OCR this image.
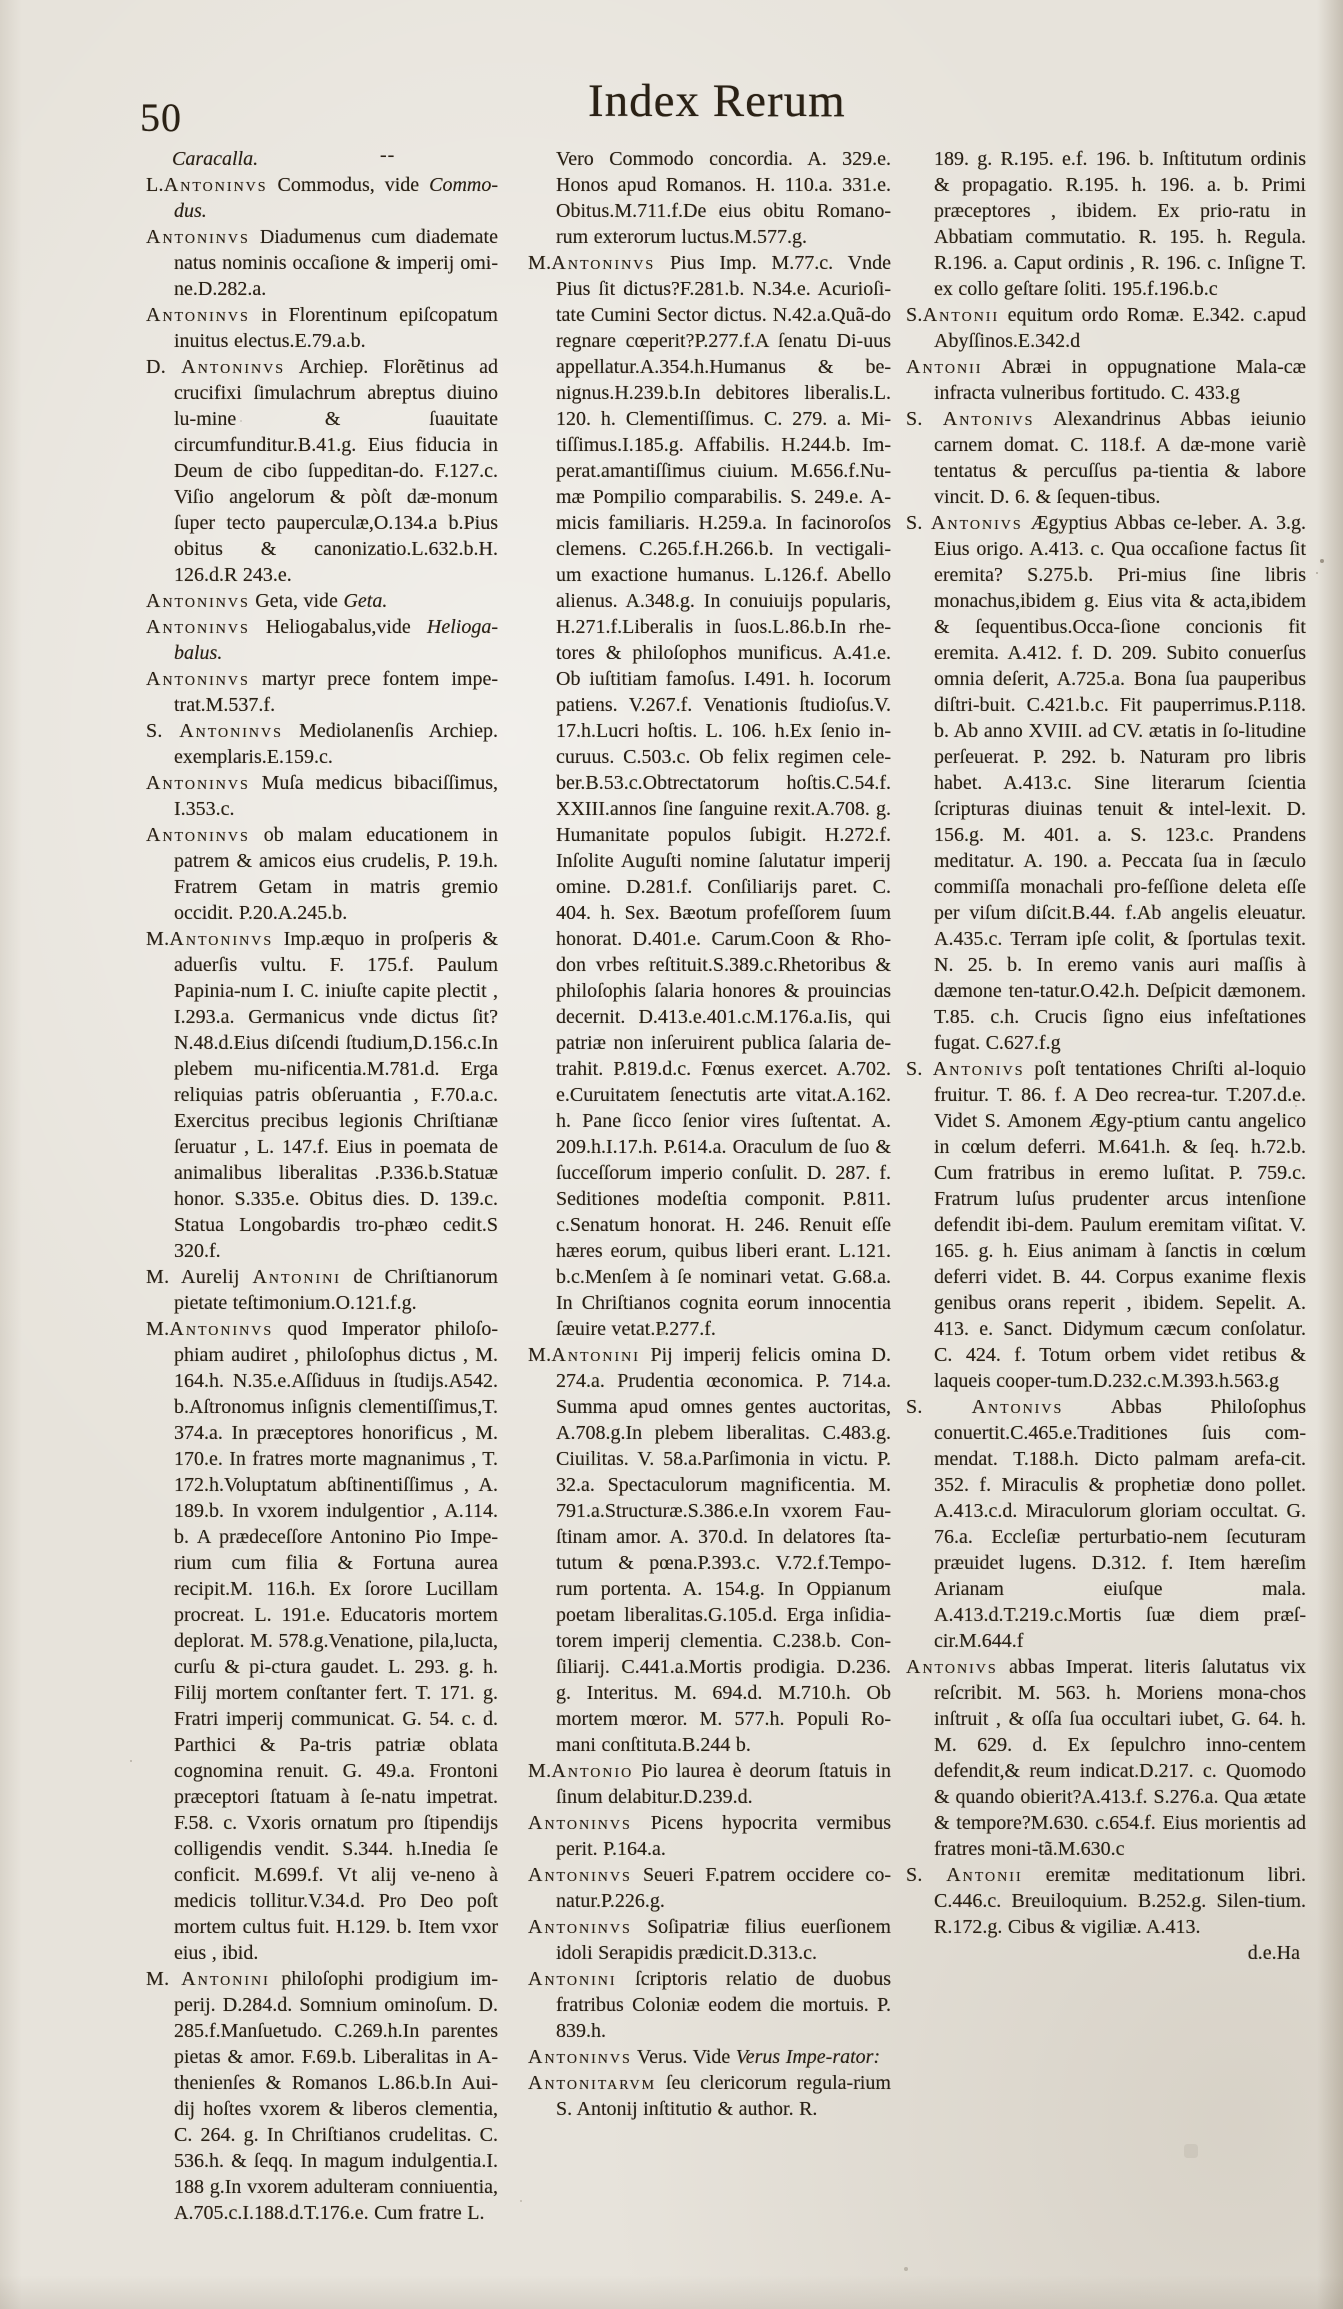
50	Index Rerum
Caracalla.	--
L.Antoninvs Commodus, vide Commo-dus.
Antoninvs Diadumenus cum diademate natus nominis occaſione & imperij omi-ne.D.282.a.
Antoninvs in Florentinum epiſcopatum inuitus electus.E.79.a.b.
D. Antoninvs Archiep. Florẽtinus ad crucifixi ſimulachrum abreptus diuino lu-mine & ſuauitate circumfunditur.B.41.g. Eius fiducia in Deum de cibo ſuppeditan-do. F.127.c. Viſio angelorum & pòſt dæ-monum ſuper tecto pauperculæ,O.134.a b.Pius obitus & canonizatio.L.632.b.H. 126.d.R 243.e.
Antoninvs Geta, vide Geta.
Antoninvs Heliogabalus,vide Helioga-balus.
Antoninvs martyr prece fontem impe-trat.M.537.f.
S. Antoninvs Mediolanenſis Archiep. exemplaris.E.159.c.
Antoninvs Muſa medicus bibaciſſimus, I.353.c.
Antoninvs ob malam educationem in patrem & amicos eius crudelis, P. 19.h. Fratrem Getam in matris gremio occidit. P.20.A.245.b.
M.Antoninvs Imp.æquo in proſperis & aduerſis vultu. F. 175.f. Paulum Papinia-num I. C. iniuſte capite plectit , I.293.a. Germanicus vnde dictus ſit? N.48.d.Eius diſcendi ſtudium,D.156.c.In plebem mu-nificentia.M.781.d. Erga reliquias patris obſeruantia , F.70.a.c. Exercitus precibus legionis Chriſtianæ ſeruatur , L. 147.f. Eius in poemata de animalibus liberalitas .P.336.b.Statuæ honor. S.335.e. Obitus dies. D. 139.c. Statua Longobardis tro-phæo cedit.S 320.f.
M. Aurelij Antonini de Chriſtianorum pietate teſtimonium.O.121.f.g.
M.Antoninvs quod Imperator philoſo-phiam audiret , philoſophus dictus , M. 164.h. N.35.e.Aſſiduus in ſtudijs.A542. b.Aſtronomus inſignis clementiſſimus,T. 374.a. In præceptores honorificus , M. 170.e. In fratres morte magnanimus , T. 172.h.Voluptatum abſtinentiſſimus , A. 189.b. In vxorem indulgentior , A.114. b. A prædeceſſore Antonino Pio Impe-rium cum filia & Fortuna aurea recipit.M. 116.h. Ex ſorore Lucillam procreat. L. 191.e. Educatoris mortem deplorat. M. 578.g.Venatione, pila,lucta, curſu & pi-ctura gaudet. L. 293. g. h. Filij mortem conſtanter fert. T. 171. g. Fratri imperij communicat. G. 54. c. d. Parthici & Pa-tris patriæ oblata cognomina renuit. G. 49.a. Frontoni præceptori ſtatuam à ſe-natu impetrat. F.58. c. Vxoris ornatum pro ſtipendijs colligendis vendit. S.344. h.Inedia ſe conficit. M.699.f. Vt alij ve-neno à medicis tollitur.V.34.d. Pro Deo poſt mortem cultus fuit. H.129. b. Item vxor eius , ibid.
M. Antonini philoſophi prodigium im-perij. D.284.d. Somnium ominoſum. D. 285.f.Manſuetudo. C.269.h.In parentes pietas & amor. F.69.b. Liberalitas in A-thenienſes & Romanos L.86.b.In Aui-dij hoſtes vxorem & liberos clementia, C. 264. g. In Chriſtianos crudelitas. C. 536.h. & ſeqq. In magum indulgentia.I. 188 g.In vxorem adulteram conniuentia, A.705.c.I.188.d.T.176.e. Cum fratre L.
Vero Commodo concordia. A. 329.e. Honos apud Romanos. H. 110.a. 331.e. Obitus.M.711.f.De eius obitu Romano-rum exterorum luctus.M.577.g.
M.Antoninvs Pius Imp. M.77.c. Vnde Pius ſit dictus?F.281.b. N.34.e. Acurioſi-tate Cumini Sector dictus. N.42.a.Quã-do regnare cœperit?P.277.f.A ſenatu Di-uus appellatur.A.354.h.Humanus & be-nignus.H.239.b.In debitores liberalis.L. 120. h. Clementiſſimus. C. 279. a. Mi-tiſſimus.I.185.g. Affabilis. H.244.b. Im-perat.amantiſſimus ciuium. M.656.f.Nu-mæ Pompilio comparabilis. S. 249.e. A-micis familiaris. H.259.a. In facinoroſos clemens. C.265.f.H.266.b. In vectigali-um exactione humanus. L.126.f. Abello alienus. A.348.g. In conuiuijs popularis, H.271.f.Liberalis in ſuos.L.86.b.In rhe-tores & philoſophos munificus. A.41.e. Ob iuſtitiam famoſus. I.491. h. Iocorum patiens. V.267.f. Venationis ſtudioſus.V. 17.h.Lucri hoſtis. L. 106. h.Ex ſenio in-curuus. C.503.c. Ob felix regimen cele-ber.B.53.c.Obtrectatorum hoſtis.C.54.f. XXIII.annos ſine ſanguine rexit.A.708. g. Humanitate populos ſubigit. H.272.f. Inſolite Auguſti nomine ſalutatur imperij omine. D.281.f. Conſiliarijs paret. C. 404. h. Sex. Bæotum profeſſorem ſuum honorat. D.401.e. Carum.Coon & Rho-don vrbes reſtituit.S.389.c.Rhetoribus & philoſophis ſalaria honores & prouincias decernit. D.413.e.401.c.M.176.a.Iis, qui patriæ non inſeruirent publica ſalaria de-trahit. P.819.d.c. Fœnus exercet. A.702. e.Curuitatem ſenectutis arte vitat.A.162. h. Pane ſicco ſenior vires ſuſtentat. A. 209.h.I.17.h. P.614.a. Oraculum de ſuo & ſucceſſorum imperio conſulit. D. 287. f. Seditiones modeſtia componit. P.811. c.Senatum honorat. H. 246. Renuit eſſe hæres eorum, quibus liberi erant. L.121. b.c.Menſem à ſe nominari vetat. G.68.a. In Chriſtianos cognita eorum innocentia ſæuire vetat.P.277.f.
M.Antonini Pij imperij felicis omina D. 274.a. Prudentia œconomica. P. 714.a. Summa apud omnes gentes auctoritas, A.708.g.In plebem liberalitas. C.483.g. Ciuilitas. V. 58.a.Parſimonia in victu. P. 32.a. Spectaculorum magnificentia. M. 791.a.Structuræ.S.386.e.In vxorem Fau-ſtinam amor. A. 370.d. In delatores ſta-tutum & pœna.P.393.c. V.72.f.Tempo-rum portenta. A. 154.g. In Oppianum poetam liberalitas.G.105.d. Erga inſidia-torem imperij clementia. C.238.b. Con-ſiliarij. C.441.a.Mortis prodigia. D.236. g. Interitus. M. 694.d. M.710.h. Ob mortem mœror. M. 577.h. Populi Ro-mani conſtituta.B.244 b.
M.Antonio Pio laurea è deorum ſtatuis in ſinum delabitur.D.239.d.
Antoninvs Picens hypocrita vermibus perit. P.164.a.
Antoninvs Seueri F.patrem occidere co-natur.P.226.g.
Antoninvs Soſipatriæ filius euerſionem idoli Serapidis prædicit.D.313.c.
Antonini ſcriptoris relatio de duobus fratribus Coloniæ eodem die mortuis. P. 839.h.
Antoninvs Verus. Vide Verus Impe-rator:
Antonitarvm ſeu clericorum regula-rium S. Antonij inſtitutio & author. R.
189. g. R.195. e.f. 196. b. Inſtitutum ordinis & propagatio. R.195. h. 196. a. b. Primi præceptores , ibidem. Ex prio-ratu in Abbatiam commutatio. R. 195. h. Regula. R.196. a. Caput ordinis , R. 196. c. Inſigne T. ex collo geſtare ſoliti. 195.f.196.b.c
S.Antonii equitum ordo Romæ. E.342. c.apud Abyſſinos.E.342.d
Antonii Abræi in oppugnatione Mala-cæ infracta vulneribus fortitudo. C. 433.g
S. Antonivs Alexandrinus Abbas ieiunio carnem domat. C. 118.f. A dæ-mone variè tentatus & percuſſus pa-tientia & labore vincit. D. 6. & ſequen-tibus.
S. Antonivs Ægyptius Abbas ce-leber. A. 3.g. Eius origo. A.413. c. Qua occaſione factus ſit eremita? S.275.b. Pri-mius ſine libris monachus,ibidem g. Eius vita & acta,ibidem & ſequentibus.Occa-ſione concionis fit eremita. A.412. f. D. 209. Subito conuerſus omnia deſerit, A.725.a. Bona ſua pauperibus diſtri-buit. C.421.b.c. Fit pauperrimus.P.118. b. Ab anno XVIII. ad CV. ætatis in ſo-litudine perſeuerat. P. 292. b. Naturam pro libris habet. A.413.c. Sine literarum ſcientia ſcripturas diuinas tenuit & intel-lexit. D. 156.g. M. 401. a. S. 123.c. Prandens meditatur. A. 190. a. Peccata ſua in ſæculo commiſſa monachali pro-feſſione deleta eſſe per viſum diſcit.B.44. f.Ab angelis eleuatur. A.435.c. Terram ipſe colit, & ſportulas texit. N. 25. b. In eremo vanis auri maſſis à dæmone ten-tatur.O.42.h. Deſpicit dæmonem. T.85. c.h. Crucis ſigno eius infeſtationes fugat. C.627.f.g
S. Antonivs poſt tentationes Chriſti al-loquio fruitur. T. 86. f. A Deo recrea-tur. T.207.d.e. Videt S. Amonem Ægy-ptium cantu angelico in cœlum deferri. M.641.h. & ſeq. h.72.b. Cum fratribus in eremo luſitat. P. 759.c. Fratrum luſus prudenter arcus intenſione defendit ibi-dem. Paulum eremitam viſitat. V. 165. g. h. Eius animam à ſanctis in cœlum deferri videt. B. 44. Corpus exanime flexis genibus orans reperit , ibidem. Sepelit. A. 413. e. Sanct. Didymum cæcum conſolatur. C. 424. f. Totum orbem videt retibus & laqueis cooper-tum.D.232.c.M.393.h.563.g
S. Antonivs Abbas Philoſophus conuertit.C.465.e.Traditiones ſuis com-mendat. T.188.h. Dicto palmam arefa-cit. 352. f. Miraculis & prophetiæ dono pollet. A.413.c.d. Miraculorum gloriam occultat. G. 76.a. Eccleſiæ perturbatio-nem ſecuturam præuidet lugens. D.312. f. Item hæreſim Arianam eiuſque mala. A.413.d.T.219.c.Mortis ſuæ diem præſ-cir.M.644.f
Antonivs abbas Imperat. literis ſalutatus vix reſcribit. M. 563. h. Moriens mona-chos inſtruit , & oſſa ſua occultari iubet, G. 64. h. M. 629. d. Ex ſepulchro inno-centem defendit,& reum indicat.D.217. c. Quomodo & quando obierit?A.413.f. S.276.a. Qua ætate & tempore?M.630. c.654.f. Eius morientis ad fratres moni-tã.M.630.c
S. Antonii eremitæ meditationum libri. C.446.c. Breuiloquium. B.252.g. Silen-tium. R.172.g. Cibus & vigiliæ. A.413.
d.e.Ha
